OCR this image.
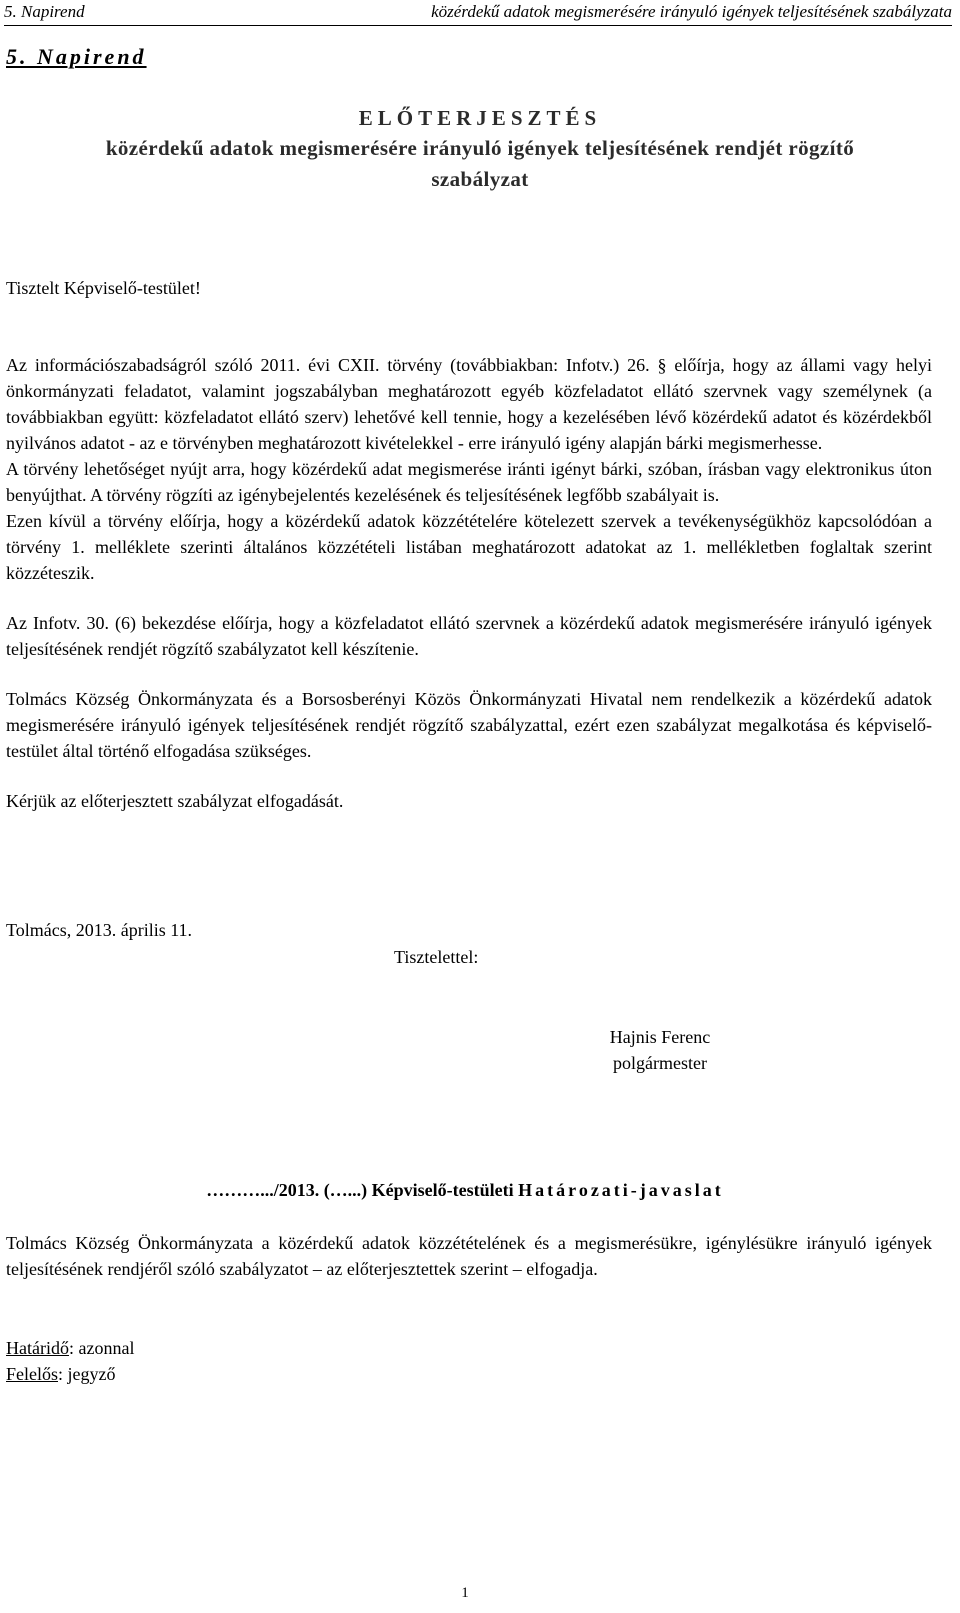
5. Napirend	közérdekű adatok megismerésére irányuló igények teljesítésének szabályzata
5. Napirend
ELŐTERJESZTÉS
közérdekű adatok megismerésére irányuló igények teljesítésének rendjét rögzítő
szabályzat
Tisztelt Képviselő-testület!

Az információszabadságról szóló 2011. évi CXII. törvény (továbbiakban: Infotv.) 26. § előírja, hogy az állami vagy helyi önkormányzati feladatot, valamint jogszabályban meghatározott egyéb közfeladatot ellátó szervnek vagy személynek (a továbbiakban együtt: közfeladatot ellátó szerv) lehetővé kell tennie, hogy a kezelésében lévő közérdekű adatot és közérdekből nyilvános adatot - az e törvényben meghatározott kivételekkel - erre irányuló igény alapján bárki megismerhesse.

A törvény lehetőséget nyújt arra, hogy közérdekű adat megismerése iránti igényt bárki, szóban, írásban vagy elektronikus úton benyújthat. A törvény rögzíti az igénybejelentés kezelésének és teljesítésének legfőbb szabályait is.

Ezen kívül a törvény előírja, hogy a közérdekű adatok közzétételére kötelezett szervek a tevékenységükhöz kapcsolódóan a törvény 1. melléklete szerinti általános közzétételi listában meghatározott adatokat az 1. mellékletben foglaltak szerint közzéteszik.

Az Infotv. 30. (6) bekezdése előírja, hogy a közfeladatot ellátó szervnek a közérdekű adatok megismerésére irányuló igények teljesítésének rendjét rögzítő szabályzatot kell készítenie.

Tolmács Község Önkormányzata és a Borsosberényi Közös Önkormányzati Hivatal nem rendelkezik a közérdekű adatok megismerésére irányuló igények teljesítésének rendjét rögzítő szabályzattal, ezért ezen szabályzat megalkotása és képviselő-testület által történő elfogadása szükséges.

Kérjük az előterjesztett szabályzat elfogadását.

Tolmács, 2013. április 11.
Tisztelettel:
Hajnis Ferenc
polgármester
……….../2013. (…...) Képviselő-testületi Határozati-javaslat

Tolmács Község Önkormányzata a közérdekű adatok közzétételének és a megismerésükre, igénylésükre irányuló igények teljesítésének rendjéről szóló szabályzatot – az előterjesztettek szerint – elfogadja.

Határidő: azonnal
Felelős: jegyző
1
